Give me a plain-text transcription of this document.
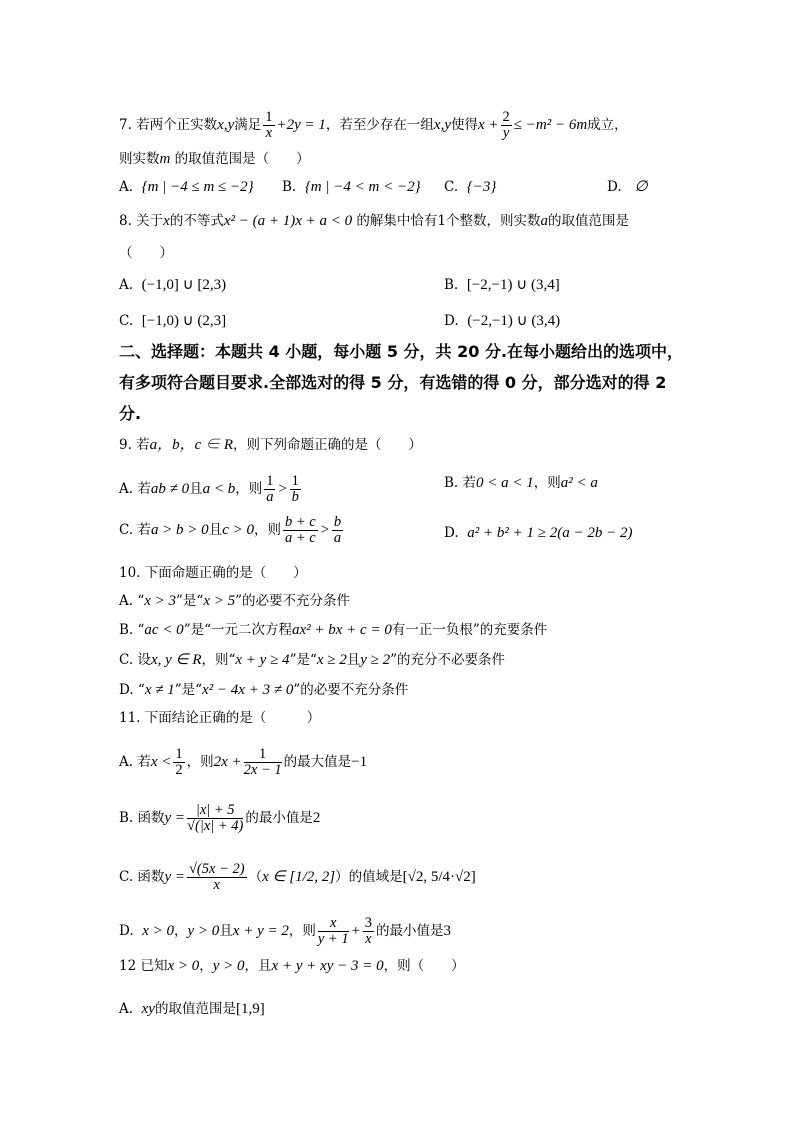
7. 若两个正实数x,y满足 $\frac{1}{x} +2y = 1$，若至少存在一组x,y使得$x + \frac{2}{y} \le -m^2 - 6m$成立，
则实数m 的取值范围是（　　）
A. {m | −4 ≤ m ≤ −2} B. {m | −4 < m < −2} C. {−3}	D. ∅
8. 关于x的不等式x² − (a + 1)x + a < 0 的解集中恰有1个整数，则实数a的取值范围是
（　　）
A. (−1,0] ∪ [2,3)	B. [−2,−1) ∪ (3,4]
C. [−1,0) ∪ (2,3]	D. (−2,−1) ∪ (3,4)
二、选择题：本题共 4 小题，每小题 5 分，共 20 分.在每小题给出的选项中，
有多项符合题目要求.全部选对的得 5 分，有选错的得 0 分，部分选对的得 2
分.
9. 若a，b，c ∈ R，则下列命题正确的是（　　）
A. 若ab ≠ 0且a < b，则 $\frac{1}{a} > \frac{1}{b}$	B. 若0 < a < 1，则a² < a
C. 若a > b > 0且c > 0，则 $\frac{b + c}{a + c} > \frac{b}{a}$	D. a² + b² + 1 ≥ 2(a − 2b − 2)
10. 下面命题正确的是（　　）
A. “x > 3”是“x > 5”的必要不充分条件
B. “ac < 0”是“一元二次方程ax² + bx + c = 0有一正一负根”的充要条件
C. 设x, y ∈ R，则“x + y ≥ 4”是“x ≥ 2且y ≥ 2”的充分不必要条件
D. “x ≠ 1”是“x² − 4x + 3 ≠ 0”的必要不充分条件
11. 下面结论正确的是（　　　）
A. 若$x < \frac{1}{2}$ ，则$2x + \frac{1}{2x - 1}$ 的最大值是−1
B. 函数$y = \frac{|x| + 5}{√(|x| + 4)}$ 的最小值是2
C. 函数$y = \frac{√(5x - 2)}{x} (x$ ∈ [1/2, 2]）的值域是[√2, 5/4·√2]
D. x > 0，y > 0且x + y = 2，则 $\frac{x}{y + 1} + \frac{3}{x}$ 的最小值是3
12 已知x > 0，y > 0，且x + y + xy − 3 = 0，则（　　）
A. xy的取值范围是[1,9]
